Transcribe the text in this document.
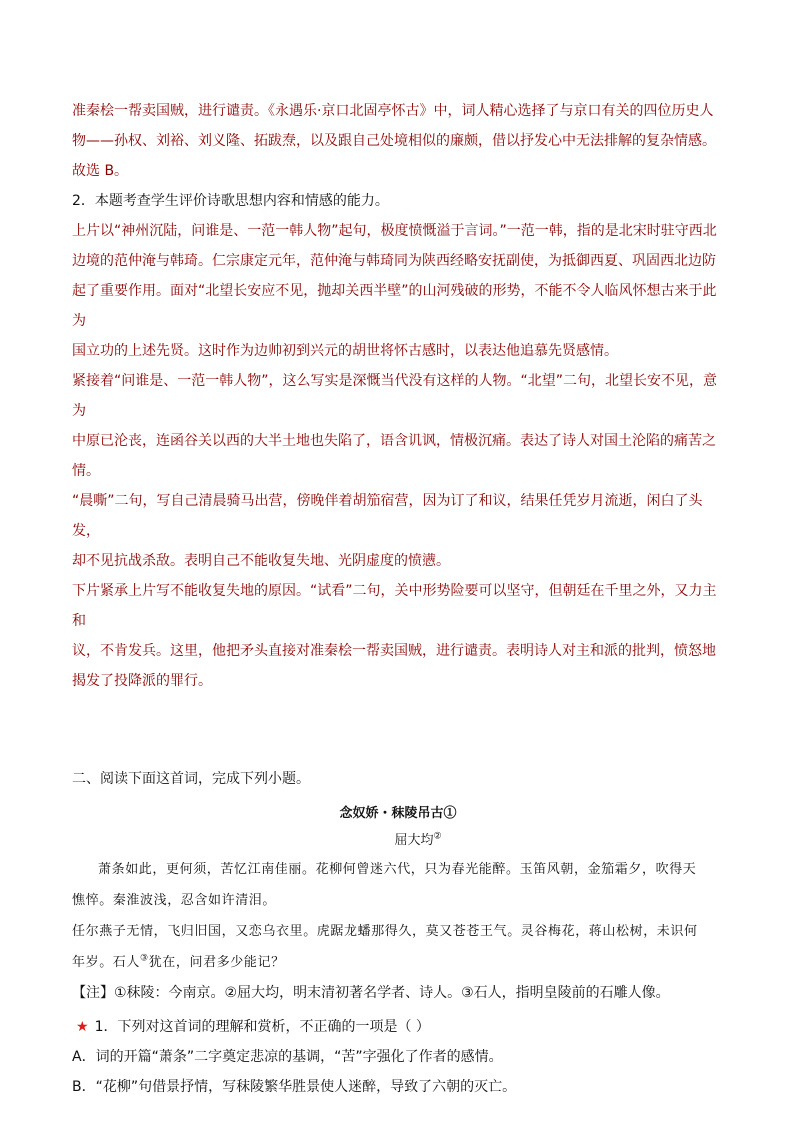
准秦桧一帮卖国贼，进行谴责。《永遇乐·京口北固亭怀古》中，词人精心选择了与京口有关的四位历史人

物——孙权、刘裕、刘义隆、拓跋焘，以及跟自己处境相似的廉颇，借以抒发心中无法排解的复杂情感。

故选 B。

2．本题考查学生评价诗歌思想内容和情感的能力。

上片以“神州沉陆，问谁是、一范一韩人物”起句，极度愤慨溢于言词。”一范一韩，指的是北宋时驻守西北

边境的范仲淹与韩琦。仁宗康定元年，范仲淹与韩琦同为陕西经略安抚副使，为抵御西夏、巩固西北边防

起了重要作用。面对“北望长安应不见，抛却关西半壁”的山河残破的形势，不能不令人临风怀想古来于此为

国立功的上述先贤。这时作为边帅初到兴元的胡世将怀古感时，以表达他追慕先贤感情。

紧接着“问谁是、一范一韩人物”，这么写实是深慨当代没有这样的人物。“北望”二句，北望长安不见，意为

中原已沦丧，连函谷关以西的大半土地也失陷了，语含讥讽，情极沉痛。表达了诗人对国土沦陷的痛苦之

情。

“晨嘶”二句，写自己清晨骑马出营，傍晚伴着胡笳宿营，因为订了和议，结果任凭岁月流逝，闲白了头发，

却不见抗战杀敌。表明自己不能收复失地、光阴虚度的愤懑。

下片紧承上片写不能收复失地的原因。“试看”二句，关中形势险要可以坚守，但朝廷在千里之外，又力主和

议，不肯发兵。这里，他把矛头直接对准秦桧一帮卖国贼，进行谴责。表明诗人对主和派的批判，愤怒地

揭发了投降派的罪行。

二、阅读下面这首词，完成下列小题。

念奴娇・秣陵吊古①
屈大均②

萧条如此，更何须，苦忆江南佳丽。花柳何曾迷六代，只为春光能醉。玉笛风朝，金笳霜夕，吹得天

憔悴。秦淮波浅，忍含如许清泪。

任尔燕子无情，飞归旧国，又恋乌衣里。虎踞龙蟠那得久，莫又苍苍王气。灵谷梅花，蒋山松树，未识何

年岁。石人③犹在，问君多少能记？

【注】①秣陵：今南京。②屈大均，明末清初著名学者、诗人。③石人，指明皇陵前的石雕人像。

★ 1．下列对这首词的理解和赏析，不正确的一项是（ ）

A．词的开篇“萧条”二字奠定悲凉的基调，“苦”字强化了作者的感情。

B．“花柳”句借景抒情，写秣陵繁华胜景使人迷醉，导致了六朝的灭亡。
